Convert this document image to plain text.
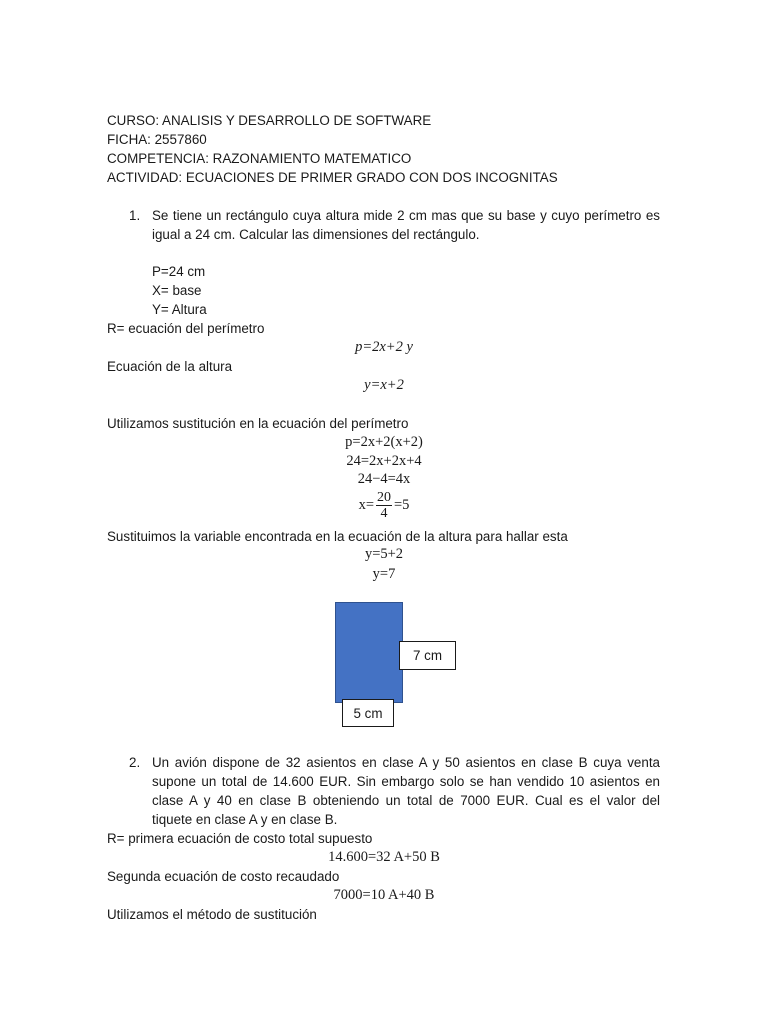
CURSO: ANALISIS Y DESARROLLO DE SOFTWARE
FICHA: 2557860
COMPETENCIA: RAZONAMIENTO MATEMATICO
ACTIVIDAD: ECUACIONES DE PRIMER GRADO CON DOS INCOGNITAS
1. Se tiene un rectángulo cuya altura mide 2 cm mas que su base y cuyo perímetro es
igual a 24 cm. Calcular las dimensiones del rectángulo.
P=24 cm
X= base
Y= Altura
R= ecuación del perímetro
p=2x+2 y
Ecuación de la altura
y=x+2
Utilizamos sustitución en la ecuación del perímetro
p=2x+2(x+2)
24=2x+2x+4
24−4=4x
$x= \frac{20}{4} =5$
Sustituimos la variable encontrada en la ecuación de la altura para hallar esta
y=5+2
y=7
7 cm
5 cm
2. Un avión dispone de 32 asientos en clase A y 50 asientos en clase B cuya venta
supone un total de 14.600 EUR. Sin embargo solo se han vendido 10 asientos en
clase A y 40 en clase B obteniendo un total de 7000 EUR. Cual es el valor del
tiquete en clase A y en clase B.
R= primera ecuación de costo total supuesto
14.600=32 A+50 B
Segunda ecuación de costo recaudado
7000=10 A+40 B
Utilizamos el método de sustitución
